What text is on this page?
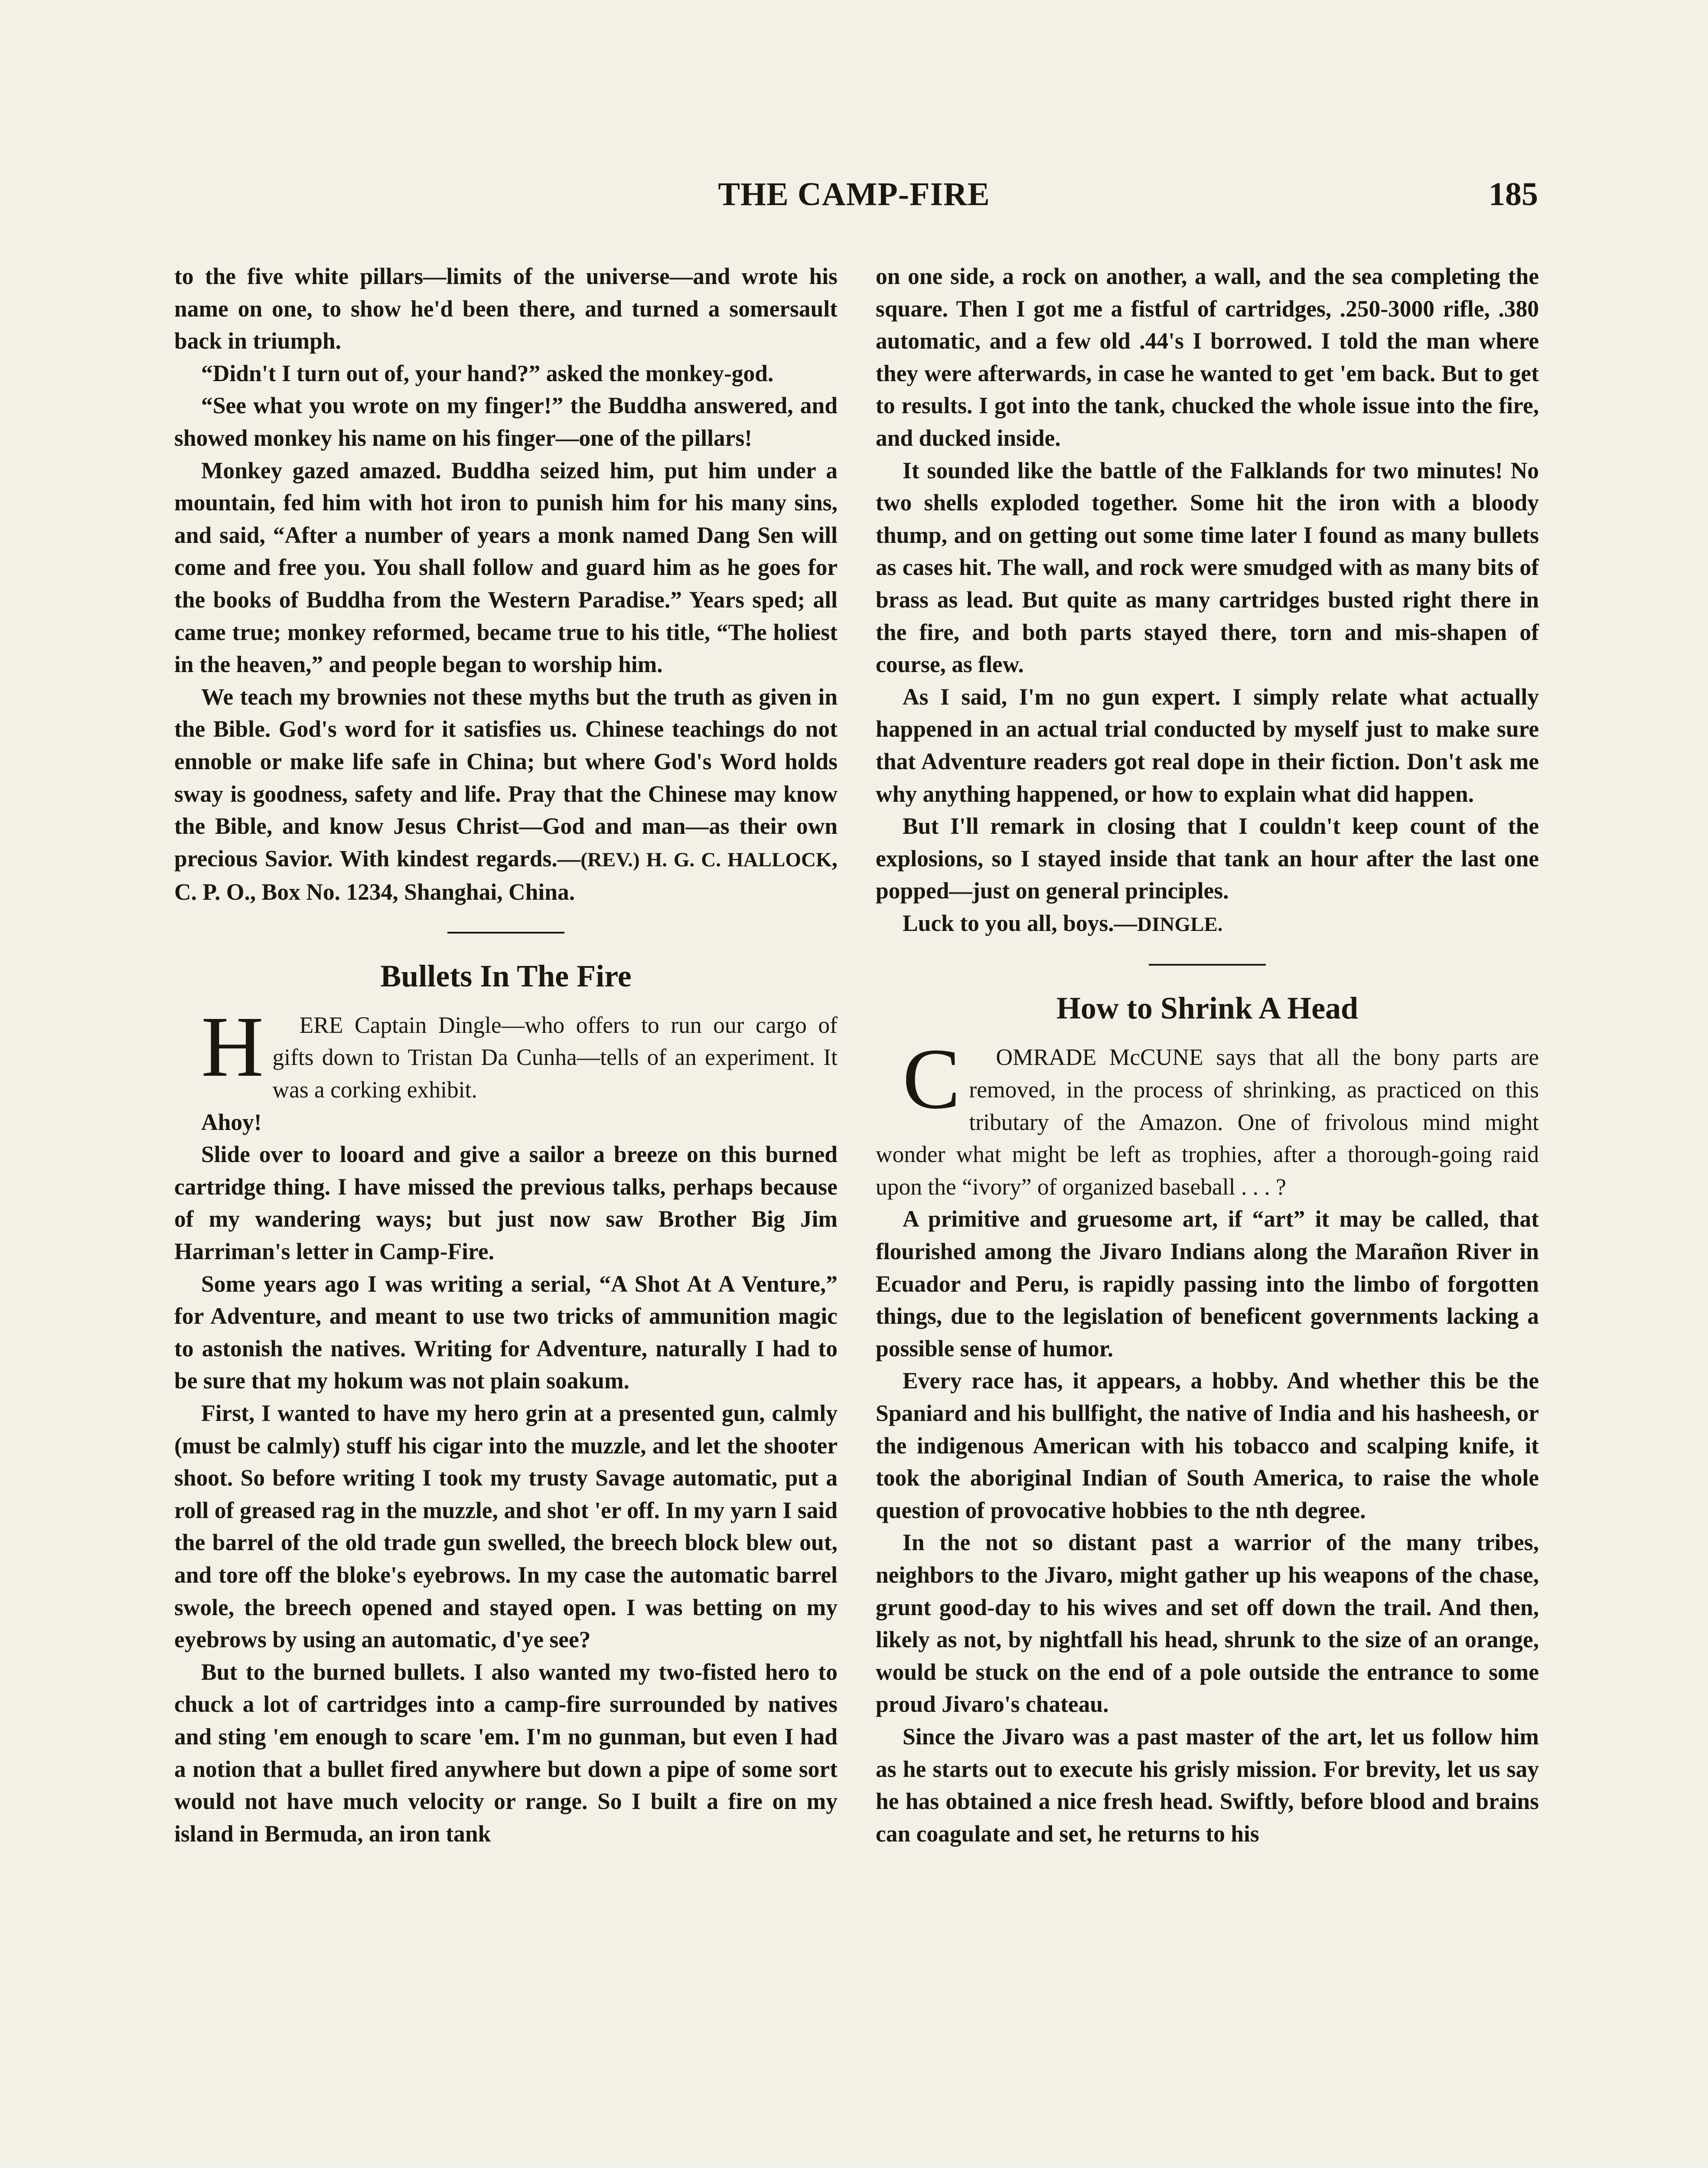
THE CAMP-FIRE	185

to the five white pillars—limits of the universe—and wrote his name on one, to show he'd been there, and turned a somersault back in triumph.

“Didn't I turn out of, your hand?” asked the monkey-god.

“See what you wrote on my finger!” the Buddha answered, and showed monkey his name on his finger—one of the pillars!

Monkey gazed amazed. Buddha seized him, put him under a mountain, fed him with hot iron to punish him for his many sins, and said, “After a number of years a monk named Dang Sen will come and free you. You shall follow and guard him as he goes for the books of Buddha from the Western Paradise.” Years sped; all came true; monkey reformed, became true to his title, “The holiest in the heaven,” and people began to worship him.

We teach my brownies not these myths but the truth as given in the Bible. God's word for it satisfies us. Chinese teachings do not ennoble or make life safe in China; but where God's Word holds sway is goodness, safety and life. Pray that the Chinese may know the Bible, and know Jesus Christ—God and man—as their own precious Savior. With kindest regards.—(REV.) H. G. C. HALLOCK, C. P. O., Box No. 1234, Shanghai, China.

Bullets In The Fire

H ERE Captain Dingle—who offers to run our cargo of gifts down to Tristan Da Cunha—tells of an experiment. It was a corking exhibit.

Ahoy!

Slide over to looard and give a sailor a breeze on this burned cartridge thing. I have missed the previous talks, perhaps because of my wandering ways; but just now saw Brother Big Jim Harriman's letter in Camp-Fire.

Some years ago I was writing a serial, “A Shot At A Venture,” for Adventure, and meant to use two tricks of ammunition magic to astonish the natives. Writing for Adventure, naturally I had to be sure that my hokum was not plain soakum.

First, I wanted to have my hero grin at a presented gun, calmly (must be calmly) stuff his cigar into the muzzle, and let the shooter shoot. So before writing I took my trusty Savage automatic, put a roll of greased rag in the muzzle, and shot 'er off. In my yarn I said the barrel of the old trade gun swelled, the breech block blew out, and tore off the bloke's eyebrows. In my case the automatic barrel swole, the breech opened and stayed open. I was betting on my eyebrows by using an automatic, d'ye see?

But to the burned bullets. I also wanted my two-fisted hero to chuck a lot of cartridges into a camp-fire surrounded by natives and sting 'em enough to scare 'em. I'm no gunman, but even I had a notion that a bullet fired anywhere but down a pipe of some sort would not have much velocity or range. So I built a fire on my island in Bermuda, an iron tank

on one side, a rock on another, a wall, and the sea completing the square. Then I got me a fistful of cartridges, .250-3000 rifle, .380 automatic, and a few old .44's I borrowed. I told the man where they were afterwards, in case he wanted to get 'em back. But to get to results. I got into the tank, chucked the whole issue into the fire, and ducked inside.

It sounded like the battle of the Falklands for two minutes! No two shells exploded together. Some hit the iron with a bloody thump, and on getting out some time later I found as many bullets as cases hit. The wall, and rock were smudged with as many bits of brass as lead. But quite as many cartridges busted right there in the fire, and both parts stayed there, torn and mis-shapen of course, as flew.

As I said, I'm no gun expert. I simply relate what actually happened in an actual trial conducted by myself just to make sure that Adventure readers got real dope in their fiction. Don't ask me why anything happened, or how to explain what did happen.

But I'll remark in closing that I couldn't keep count of the explosions, so I stayed inside that tank an hour after the last one popped—just on general principles.

Luck to you all, boys.—DINGLE.

How to Shrink A Head

C OMRADE McCUNE says that all the bony parts are removed, in the process of shrinking, as practiced on this tributary of the Amazon. One of frivolous mind might wonder what might be left as trophies, after a thorough-going raid upon the “ivory” of organized baseball . . . ?

A primitive and gruesome art, if “art” it may be called, that flourished among the Jivaro Indians along the Marañon River in Ecuador and Peru, is rapidly passing into the limbo of forgotten things, due to the legislation of beneficent governments lacking a possible sense of humor.

Every race has, it appears, a hobby. And whether this be the Spaniard and his bullfight, the native of India and his hasheesh, or the indigenous American with his tobacco and scalping knife, it took the aboriginal Indian of South America, to raise the whole question of provocative hobbies to the nth degree.

In the not so distant past a warrior of the many tribes, neighbors to the Jivaro, might gather up his weapons of the chase, grunt good-day to his wives and set off down the trail. And then, likely as not, by nightfall his head, shrunk to the size of an orange, would be stuck on the end of a pole outside the entrance to some proud Jivaro's chateau.

Since the Jivaro was a past master of the art, let us follow him as he starts out to execute his grisly mission. For brevity, let us say he has obtained a nice fresh head. Swiftly, before blood and brains can coagulate and set, he returns to his
